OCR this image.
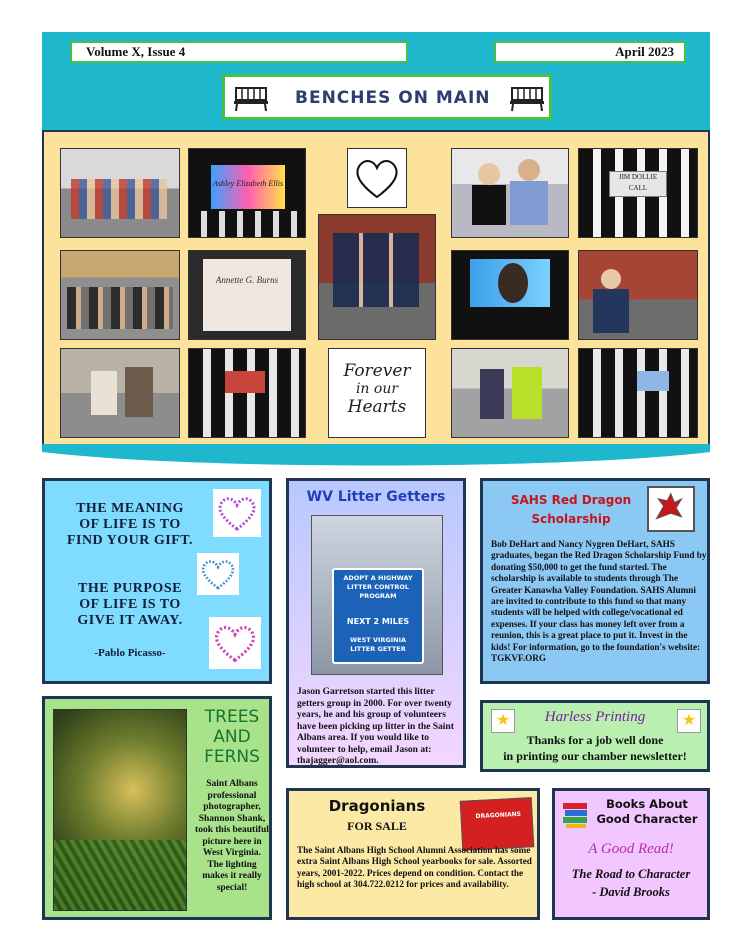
Volume X, Issue 4	April 2023
BENCHES ON MAIN
Ashley Elizabeth Ellis
JIM DOLLIE CALL
Annette G. Burns
Forever
in our
Hearts
THE MEANING
OF LIFE IS TO
FIND YOUR GIFT.
THE PURPOSE
OF LIFE IS TO
GIVE IT AWAY.
-Pablo Picasso-
WV Litter Getters
ADOPT A HIGHWAY
LITTER CONTROL
PROGRAM
NEXT 2 MILES
WEST VIRGINIA
LITTER GETTER
Jason Garretson started this litter getters group in 2000. For over twenty years, he and his group of volunteers have been picking up litter in the Saint Albans area. If you would like to volunteer to help, email Jason at: thajagger@aol.com.
SAHS Red Dragon
Scholarship
Bob DeHart and Nancy Nygren DeHart, SAHS graduates, began the Red Dragon Scholarship Fund by donating $50,000 to get the fund started. The scholarship is available to students through The Greater Kanawha Valley Foundation. SAHS Alumni are invited to contribute to this fund so that many students will be helped with college/vocational ed expenses. If your class has money left over from a reunion, this is a great place to put it. Invest in the kids! For information, go to the foundation's website: TGKVF.ORG
TREES
AND
FERNS
Saint Albans professional photographer, Shannon Shank, took this beautiful picture here in West Virginia. The lighting makes it really special!
★	★
Harless Printing
Thanks for a job well done
in printing our chamber newsletter!
Dragonians
FOR SALE
DRAGONIANS
The Saint Albans High School Alumni Association has some extra Saint Albans High School yearbooks for sale. Assorted years, 2001-2022. Prices depend on condition. Contact the high school at 304.722.0212 for prices and availability.
Books About
Good Character
A Good Read!
The Road to Character
- David Brooks
